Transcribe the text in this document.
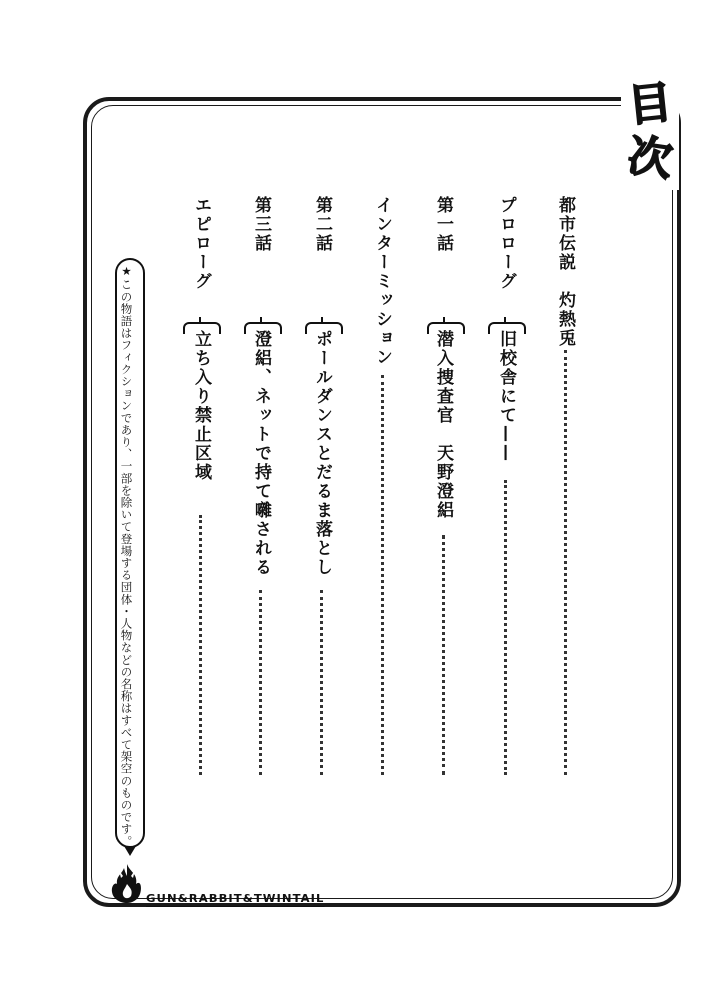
目
次
都市伝説　灼熱兎
プロローグ
旧校舎にて——
第一話
潜入捜査官　天野澄絽
インターミッション
第二話
ポールダンスとだるま落とし
第三話
澄絽、ネットで持て囃される
エピローグ
立ち入り禁止区域
★この物語はフィクションであり、一部を除いて登場する団体・人物などの名称はすべて架空のものです。
GUN&RABBIT&TWINTAIL
